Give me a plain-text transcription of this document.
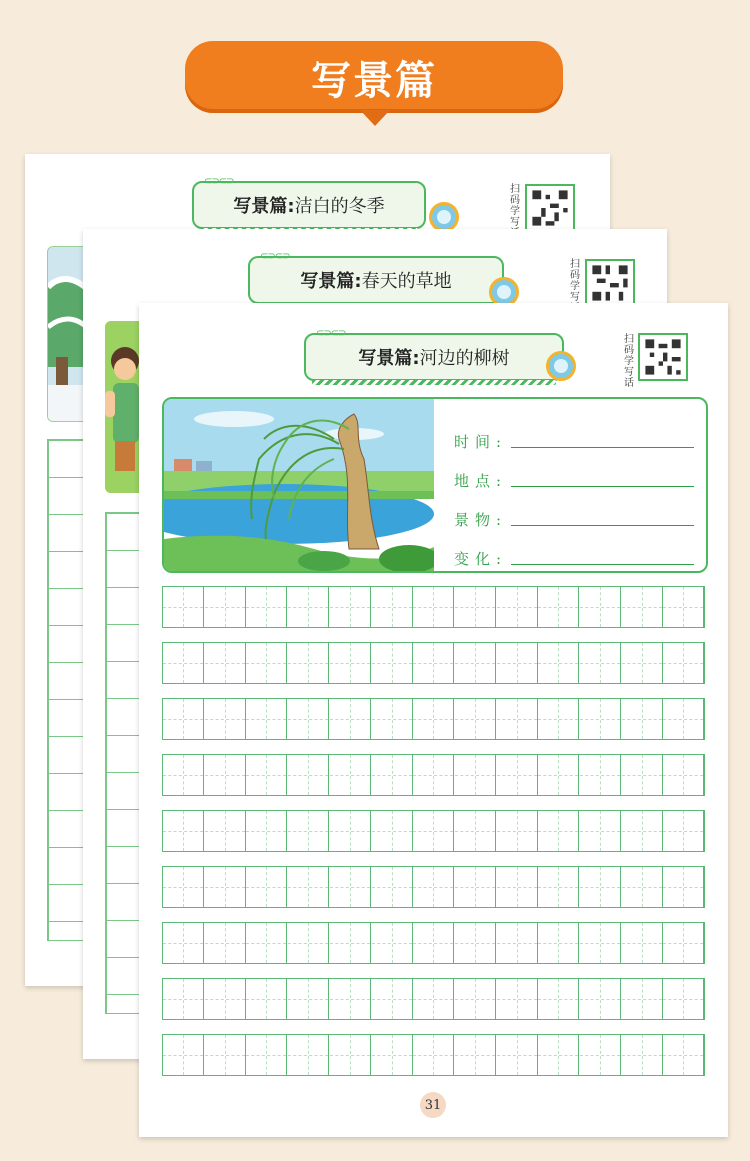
写景篇
⊂⊃⊂⊃
写景篇:洁白的冬季
扫码学写
⊂⊃⊂⊃
写景篇:春天的草地
扫码学写
⊂⊃⊂⊃
写景篇:河边的柳树
扫码学写话
时间:
地点:
景物:
变化:
31
